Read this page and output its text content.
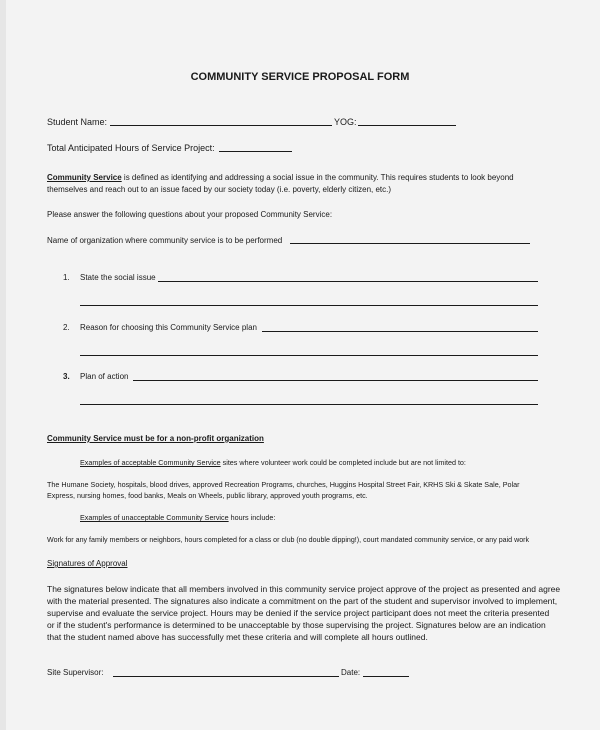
COMMUNITY SERVICE PROPOSAL FORM
Student Name:	YOG:
Total Anticipated Hours of Service Project:
Community Service is defined as identifying and addressing a social issue in the community. This requires students to look beyond
themselves and reach out to an issue faced by our society today (i.e. poverty, elderly citizen, etc.)
Please answer the following questions about your proposed Community Service:
Name of organization where community service is to be performed
1. State the social issue
2. Reason for choosing this Community Service plan
3. Plan of action
Community Service must be for a non-profit organization
Examples of acceptable Community Service sites where volunteer work could be completed include but are not limited to:
The Humane Society, hospitals, blood drives, approved Recreation Programs, churches, Huggins Hospital Street Fair, KRHS Ski & Skate Sale, Polar
Express, nursing homes, food banks, Meals on Wheels, public library, approved youth programs, etc.
Examples of unacceptable Community Service hours include:
Work for any family members or neighbors, hours completed for a class or club (no double dipping!), court mandated community service, or any paid work
Signatures of Approval
The signatures below indicate that all members involved in this community service project approve of the project as presented and agree
with the material presented. The signatures also indicate a commitment on the part of the student and supervisor involved to implement,
supervise and evaluate the service project. Hours may be denied if the service project participant does not meet the criteria presented
or if the student's performance is determined to be unacceptable by those supervising the project. Signatures below are an indication
that the student named above has successfully met these criteria and will complete all hours outlined.
Site Supervisor:	Date:
